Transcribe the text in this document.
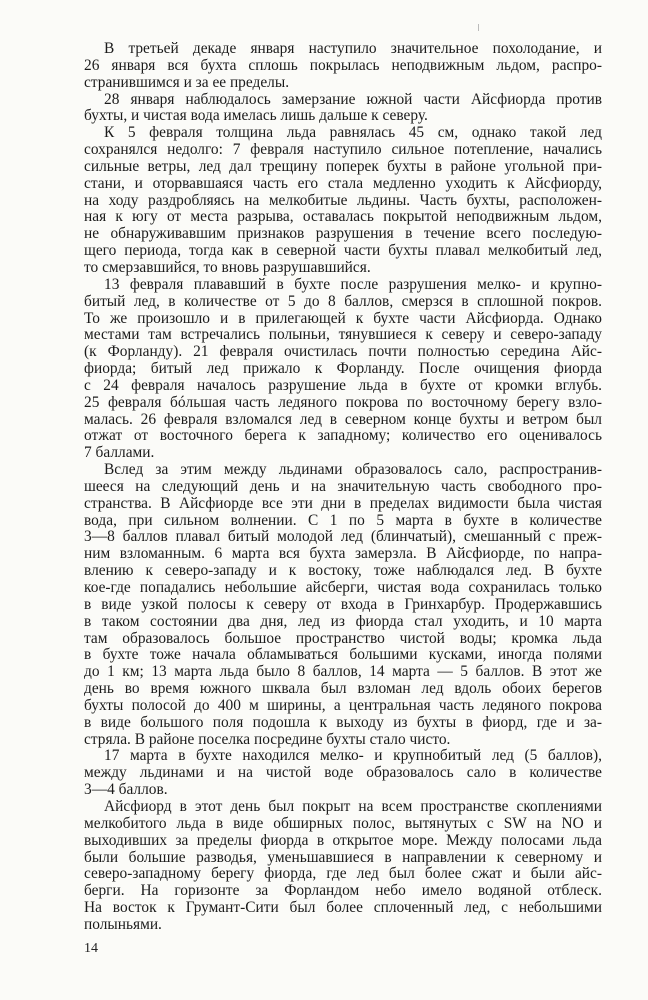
В третьей декаде января наступило значительное похолодание, и
26 января вся бухта сплошь покрылась неподвижным льдом, распро-
странившимся и за ее пределы.
28 января наблюдалось замерзание южной части Айсфиорда против
бухты, и чистая вода имелась лишь дальше к северу.
К 5 февраля толщина льда равнялась 45 см, однако такой лед
сохранялся недолго: 7 февраля наступило сильное потепление, начались
сильные ветры, лед дал трещину поперек бухты в районе угольной при-
стани, и оторвавшаяся часть его стала медленно уходить к Айсфиорду,
на ходу раздробляясь на мелкобитые льдины. Часть бухты, расположен-
ная к югу от места разрыва, оставалась покрытой неподвижным льдом,
не обнаруживавшим признаков разрушения в течение всего последую-
щего периода, тогда как в северной части бухты плавал мелкобитый лед,
то смерзавшийся, то вновь разрушавшийся.
13 февраля плававший в бухте после разрушения мелко- и крупно-
битый лед, в количестве от 5 до 8 баллов, смерзся в сплошной покров.
То же произошло и в прилегающей к бухте части Айсфиорда. Однако
местами там встречались полыньи, тянувшиеся к северу и северо-западу
(к Форланду). 21 февраля очистилась почти полностью середина Айс-
фиорда; битый лед прижало к Форланду. После очищения фиорда
с 24 февраля началось разрушение льда в бухте от кромки вглубь.
25 февраля бóльшая часть ледяного покрова по восточному берегу взло-
малась. 26 февраля взломался лед в северном конце бухты и ветром был
отжат от восточного берега к западному; количество его оценивалось
7 баллами.
Вслед за этим между льдинами образовалось сало, распространив-
шееся на следующий день и на значительную часть свободного про-
странства. В Айсфиорде все эти дни в пределах видимости была чистая
вода, при сильном волнении. С 1 по 5 марта в бухте в количестве
3—8 баллов плавал битый молодой лед (блинчатый), смешанный с преж-
ним взломанным. 6 марта вся бухта замерзла. В Айсфиорде, по напра-
влению к северо-западу и к востоку, тоже наблюдался лед. В бухте
кое-где попадались небольшие айсберги, чистая вода сохранилась только
в виде узкой полосы к северу от входа в Гринхарбур. Продержавшись
в таком состоянии два дня, лед из фиорда стал уходить, и 10 марта
там образовалось большое пространство чистой воды; кромка льда
в бухте тоже начала обламываться большими кусками, иногда полями
до 1 км; 13 марта льда было 8 баллов, 14 марта — 5 баллов. В этот же
день во время южного шквала был взломан лед вдоль обоих берегов
бухты полосой до 400 м ширины, а центральная часть ледяного покрова
в виде большого поля подошла к выходу из бухты в фиорд, где и за-
стряла. В районе поселка посредине бухты стало чисто.
17 марта в бухте находился мелко- и крупнобитый лед (5 баллов),
между льдинами и на чистой воде образовалось сало в количестве
3—4 баллов.
Айсфиорд в этот день был покрыт на всем пространстве скоплениями
мелкобитого льда в виде обширных полос, вытянутых с SW на NO и
выходивших за пределы фиорда в открытое море. Между полосами льда
были большие разводья, уменьшавшиеся в направлении к северному и
северо-западному берегу фиорда, где лед был более сжат и были айс-
берги. На горизонте за Форландом небо имело водяной отблеск.
На восток к Грумант-Сити был более сплоченный лед, с небольшими
полыньями.
14
